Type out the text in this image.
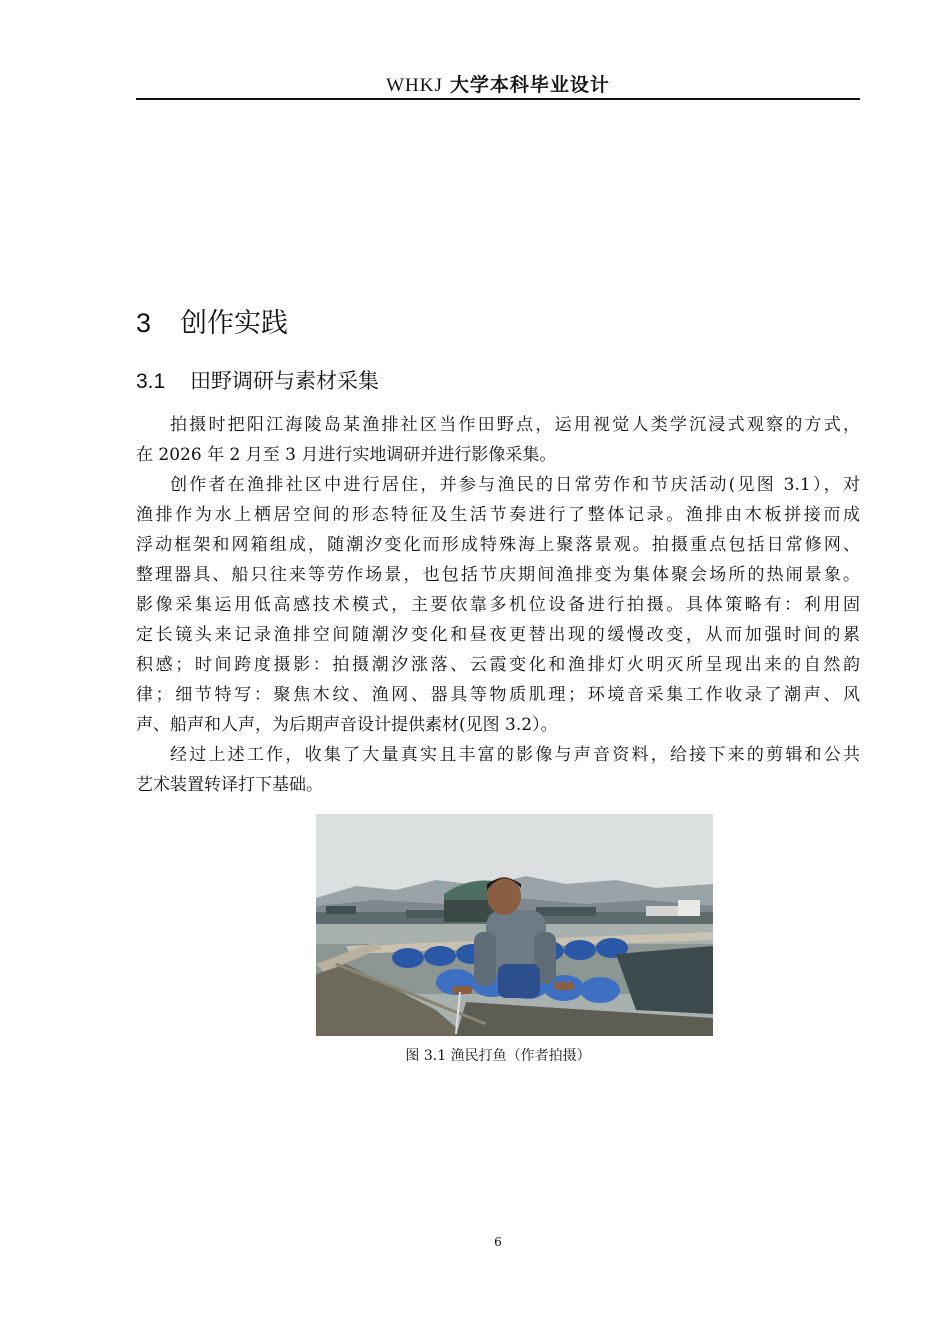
WHKJ 大学本科毕业设计
3 创作实践
3.1 田野调研与素材采集

拍摄时把阳江海陵岛某渔排社区当作田野点，运用视觉人类学沉浸式观察的方式，
在 2026 年 2 月至 3 月进行实地调研并进行影像采集。

创作者在渔排社区中进行居住，并参与渔民的日常劳作和节庆活动(见图 3.1），对
渔排作为水上栖居空间的形态特征及生活节奏进行了整体记录。渔排由木板拼接而成
浮动框架和网箱组成，随潮汐变化而形成特殊海上聚落景观。拍摄重点包括日常修网、
整理器具、船只往来等劳作场景，也包括节庆期间渔排变为集体聚会场所的热闹景象。
影像采集运用低高感技术模式，主要依靠多机位设备进行拍摄。具体策略有：利用固
定长镜头来记录渔排空间随潮汐变化和昼夜更替出现的缓慢改变，从而加强时间的累
积感；时间跨度摄影：拍摄潮汐涨落、云霞变化和渔排灯火明灭所呈现出来的自然韵
律；细节特写：聚焦木纹、渔网、器具等物质肌理；环境音采集工作收录了潮声、风
声、船声和人声，为后期声音设计提供素材(见图 3.2）。

经过上述工作，收集了大量真实且丰富的影像与声音资料，给接下来的剪辑和公共
艺术装置转译打下基础。

图 3.1 渔民打鱼（作者拍摄）
6
